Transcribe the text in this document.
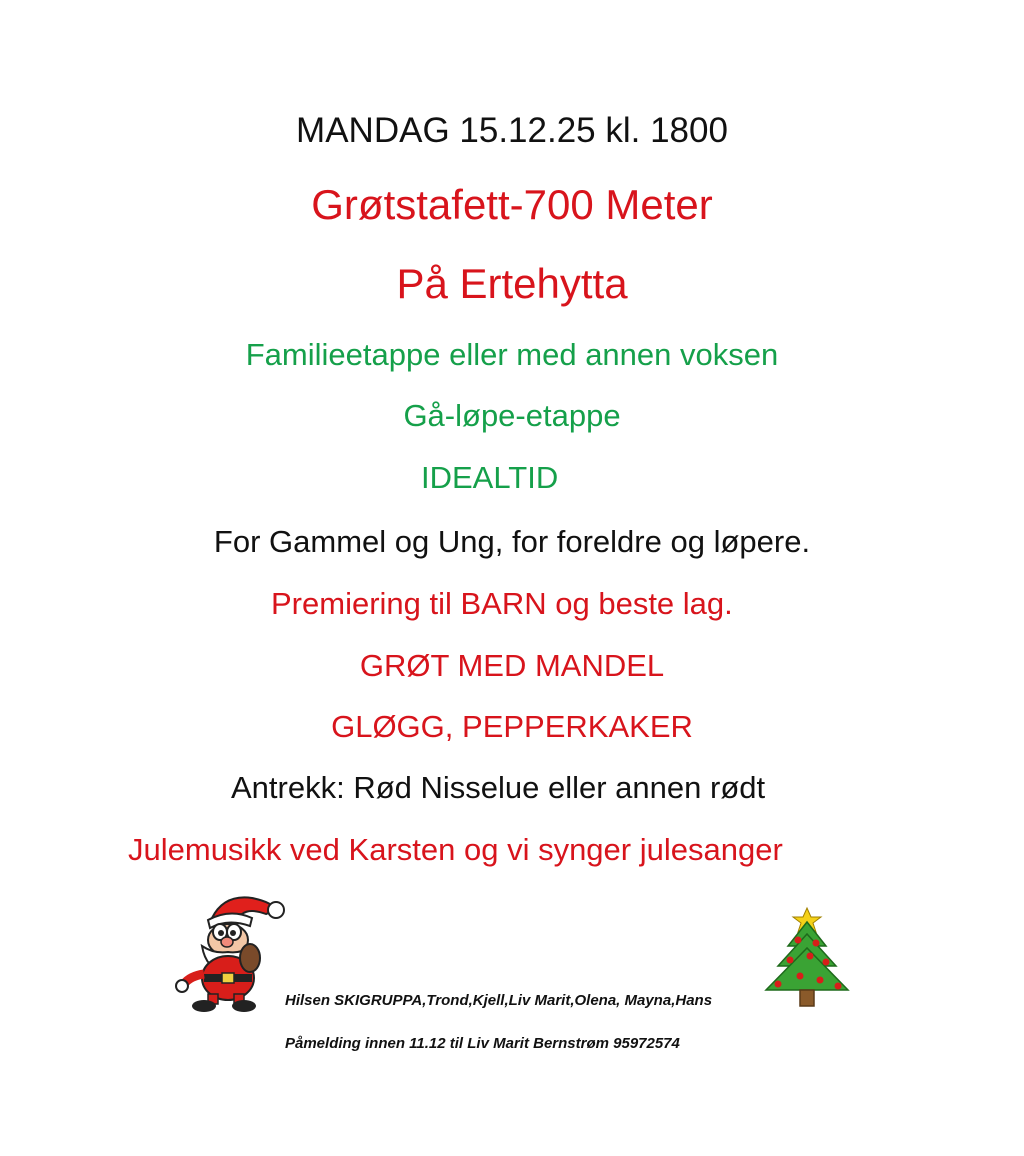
MANDAG 15.12.25 kl. 1800
Grøtstafett-700 Meter
På Ertehytta
Familieetappe eller med annen voksen
Gå-løpe-etappe
IDEALTID
For Gammel og Ung, for foreldre og løpere.
Premiering til BARN og beste lag.
GRØT MED MANDEL
GLØGG, PEPPERKAKER
Antrekk: Rød Nisselue eller annen rødt
Julemusikk ved Karsten og vi synger julesanger
Hilsen SKIGRUPPA,Trond,Kjell,Liv Marit,Olena, Mayna,Hans
Påmelding innen 11.12 til Liv Marit Bernstrøm 95972574
